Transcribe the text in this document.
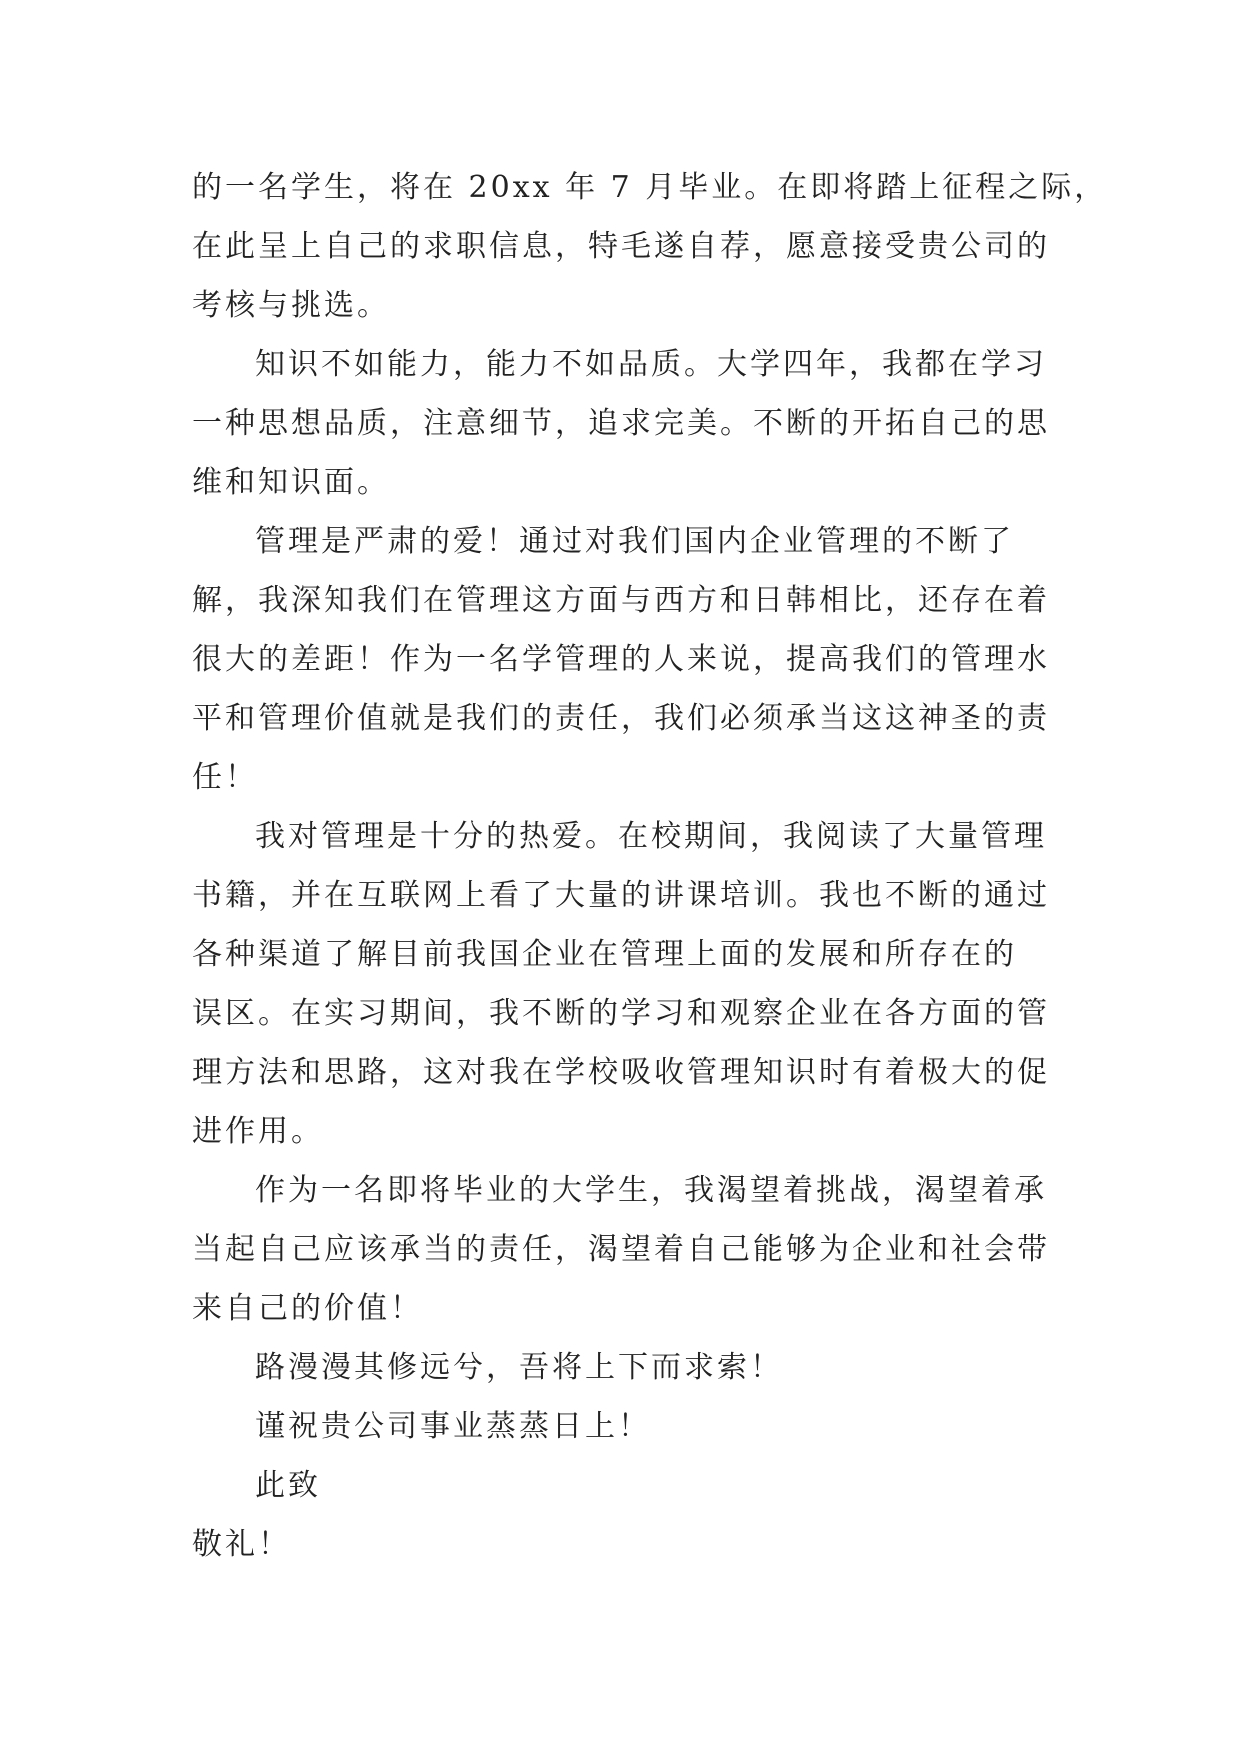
的一名学生，将在 20xx 年 7 月毕业。在即将踏上征程之际，
在此呈上自己的求职信息，特毛遂自荐，愿意接受贵公司的
考核与挑选。
知识不如能力，能力不如品质。大学四年，我都在学习
一种思想品质，注意细节，追求完美。不断的开拓自己的思
维和知识面。
管理是严肃的爱！通过对我们国内企业管理的不断了
解，我深知我们在管理这方面与西方和日韩相比，还存在着
很大的差距！作为一名学管理的人来说，提高我们的管理水
平和管理价值就是我们的责任，我们必须承当这这神圣的责
任！
我对管理是十分的热爱。在校期间，我阅读了大量管理
书籍，并在互联网上看了大量的讲课培训。我也不断的通过
各种渠道了解目前我国企业在管理上面的发展和所存在的
误区。在实习期间，我不断的学习和观察企业在各方面的管
理方法和思路，这对我在学校吸收管理知识时有着极大的促
进作用。
作为一名即将毕业的大学生，我渴望着挑战，渴望着承
当起自己应该承当的责任，渴望着自己能够为企业和社会带
来自己的价值！
路漫漫其修远兮，吾将上下而求索！
谨祝贵公司事业蒸蒸日上！
此致
敬礼！
